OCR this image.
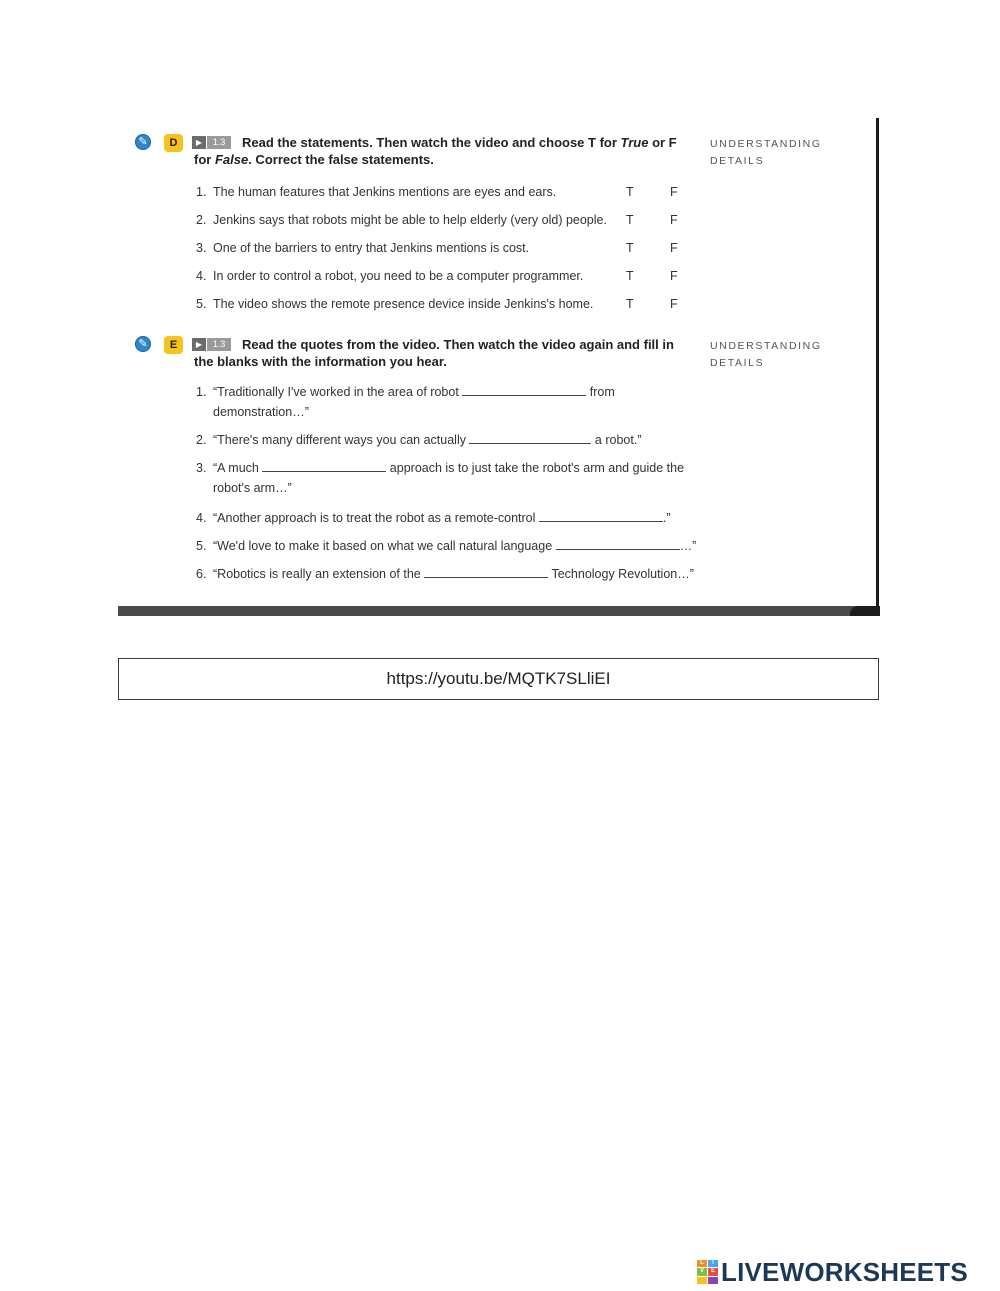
✎	D	▶	1.3	Read the statements. Then watch the video and choose T for True or F for False. Correct the false statements.
UNDERSTANDING
DETAILS
1. The human features that Jenkins mentions are eyes and ears.	T	F
2. Jenkins says that robots might be able to help elderly (very old) people. T	F
3. One of the barriers to entry that Jenkins mentions is cost.	T	F
4. In order to control a robot, you need to be a computer programmer.	T	F
5. The video shows the remote presence device inside Jenkins's home.	T	F
✎	E	▶	1.3	Read the quotes from the video. Then watch the video again and fill in the blanks with the information you hear.
UNDERSTANDING
DETAILS
1. “Traditionally I've worked in the area of robot	from
demonstration…”
2. “There's many different ways you can actually	a robot.”
3. “A much	approach is to just take the robot's arm and guide the
robot's arm…”
4. “Another approach is to treat the robot as a remote-control	.”
5. “We'd love to make it based on what we call natural language	…”
6. “Robotics is really an extension of the	Technology Revolution…”
https://youtu.be/MQTK7SLliEI
L	I
V	E LIVEWORKSHEETS
